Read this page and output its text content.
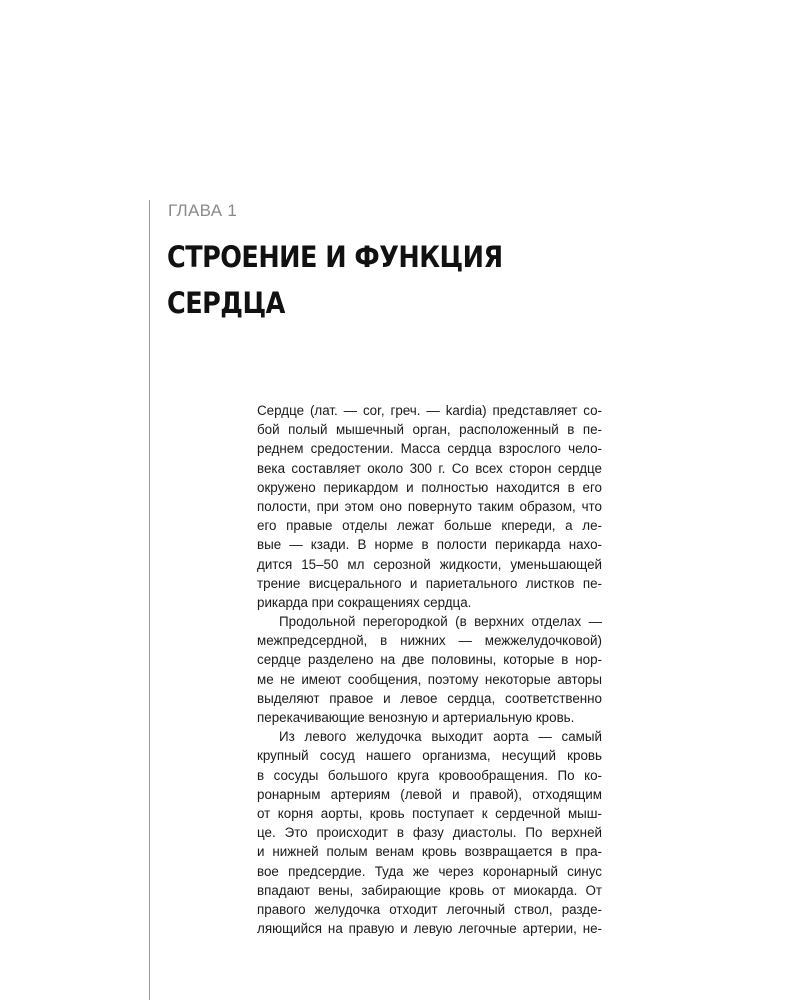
ГЛАВА 1
СТРОЕНИЕ И ФУНКЦИЯ
СЕРДЦА
Сердце (лат. — cor, греч. — kardia) представляет со-
бой полый мышечный орган, расположенный в пе-
реднем средостении. Масса сердца взрослого чело-
века составляет около 300 г. Со всех сторон сердце
окружено перикардом и полностью находится в его
полости, при этом оно повернуто таким образом, что
его правые отделы лежат больше кпереди, а ле-
вые — кзади. В норме в полости перикарда нахо-
дится 15–50 мл серозной жидкости, уменьшающей
трение висцерального и париетального листков пе-
рикарда при сокращениях сердца.
Продольной перегородкой (в верхних отделах —
межпредсердной, в нижних — межжелудочковой)
сердце разделено на две половины, которые в нор-
ме не имеют сообщения, поэтому некоторые авторы
выделяют правое и левое сердца, соответственно
перекачивающие венозную и артериальную кровь.
Из левого желудочка выходит аорта — самый
крупный сосуд нашего организма, несущий кровь
в сосуды большого круга кровообращения. По ко-
ронарным артериям (левой и правой), отходящим
от корня аорты, кровь поступает к сердечной мыш-
це. Это происходит в фазу диастолы. По верхней
и нижней полым венам кровь возвращается в пра-
вое предсердие. Туда же через коронарный синус
впадают вены, забирающие кровь от миокарда. От
правого желудочка отходит легочный ствол, разде-
ляющийся на правую и левую легочные артерии, не-
